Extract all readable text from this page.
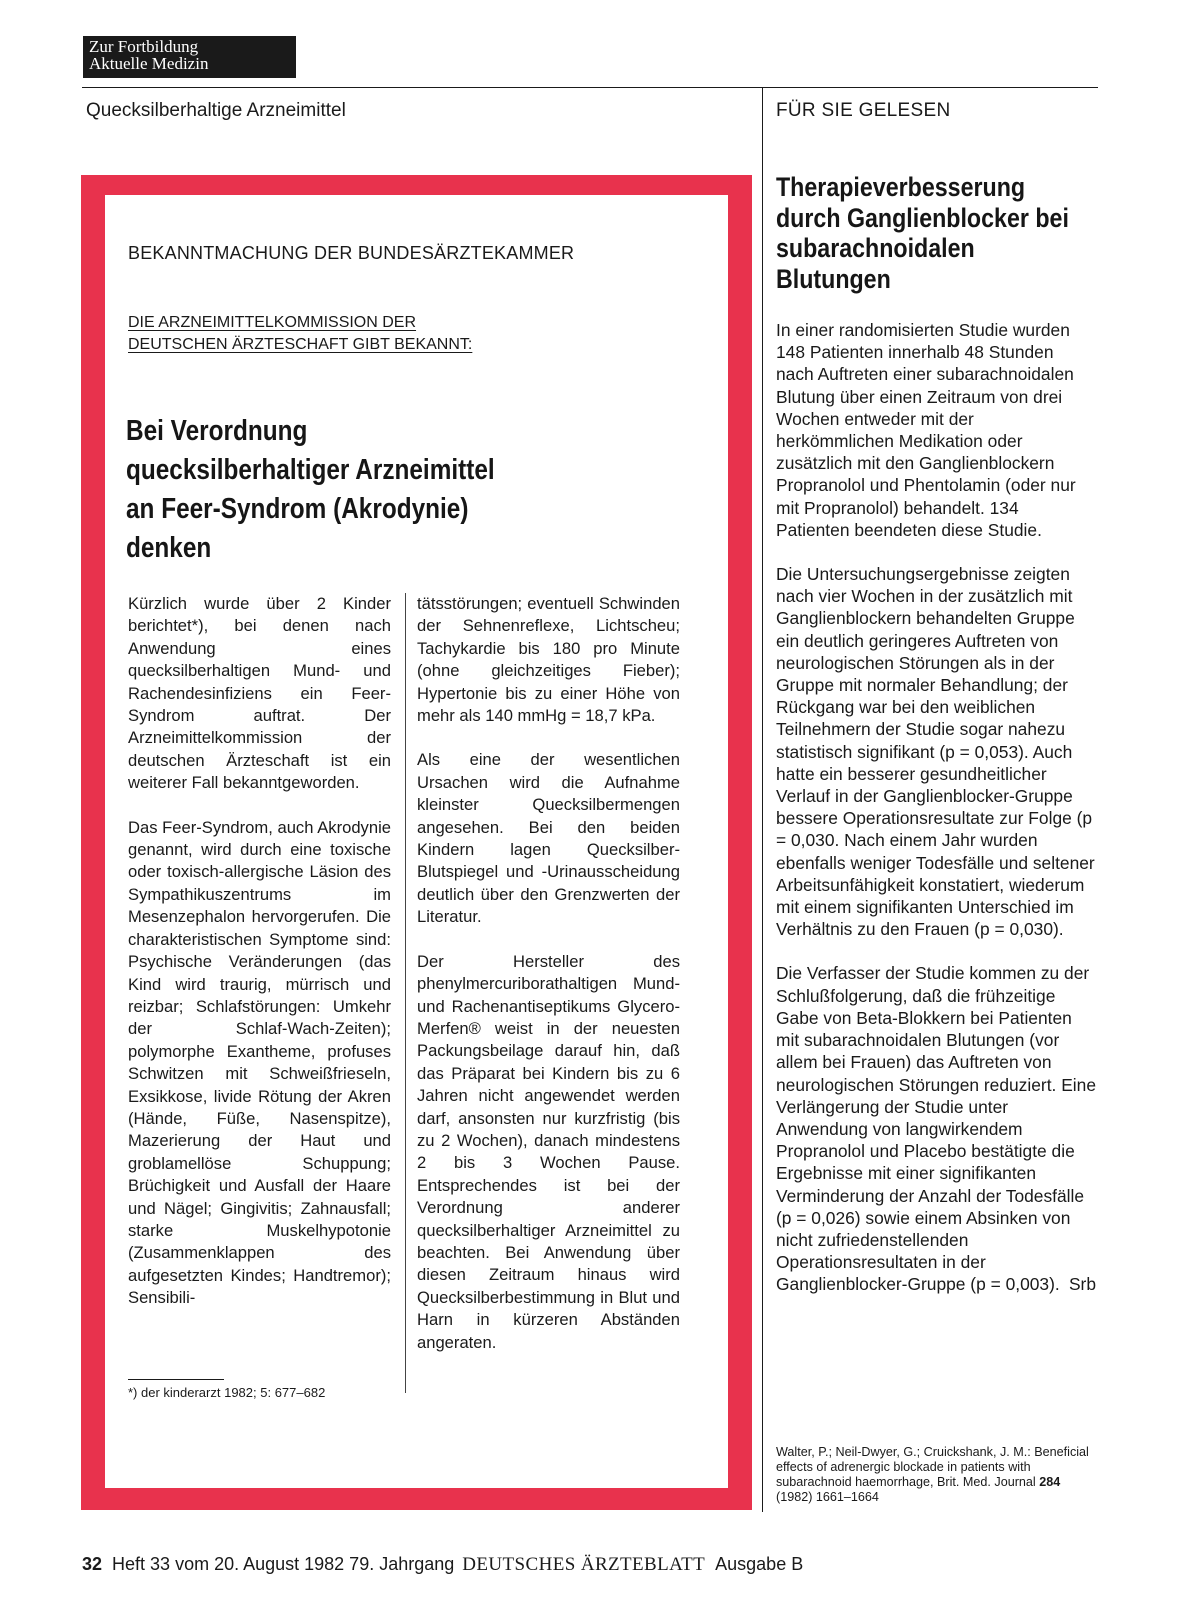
Zur Fortbildung
Aktuelle Medizin
Quecksilberhaltige Arzneimittel	FÜR SIE GELESEN
BEKANNTMACHUNG DER BUNDESÄRZTEKAMMER
DIE ARZNEIMITTELKOMMISSION DER
DEUTSCHEN ÄRZTESCHAFT GIBT BEKANNT:
Bei Verordnung
quecksilberhaltiger Arzneimittel
an Feer-Syndrom (Akrodynie)
denken

Kürzlich wurde über 2 Kinder berichtet*), bei denen nach Anwendung eines quecksilberhaltigen Mund- und Rachendesinfiziens ein Feer-Syndrom auftrat. Der Arzneimittelkommission der deutschen Ärzteschaft ist ein weiterer Fall bekanntgeworden.

Das Feer-Syndrom, auch Akrodynie genannt, wird durch eine toxische oder toxisch-allergische Läsion des Sympathikuszentrums im Mesenzephalon hervorgerufen. Die charakteristischen Symptome sind: Psychische Veränderungen (das Kind wird traurig, mürrisch und reizbar; Schlafstörungen: Umkehr der Schlaf-Wach-Zeiten); polymorphe Exantheme, profuses Schwitzen mit Schweißfrieseln, Exsikkose, livide Rötung der Akren (Hände, Füße, Nasenspitze), Mazerierung der Haut und groblamellöse Schuppung; Brüchigkeit und Ausfall der Haare und Nägel; Gingivitis; Zahnausfall; starke Muskelhypotonie (Zusammenklappen des aufgesetzten Kindes; Handtremor); Sensibili-

tätsstörungen; eventuell Schwinden der Sehnenreflexe, Lichtscheu; Tachykardie bis 180 pro Minute (ohne gleichzeitiges Fieber); Hypertonie bis zu einer Höhe von mehr als 140 mmHg = 18,7 kPa.

Als eine der wesentlichen Ursachen wird die Aufnahme kleinster Quecksilbermengen angesehen. Bei den beiden Kindern lagen Quecksilber-Blutspiegel und -Urinausscheidung deutlich über den Grenzwerten der Literatur.

Der Hersteller des phenylmercuriborathaltigen Mund- und Rachenantiseptikums Glycero-Merfen® weist in der neuesten Packungsbeilage darauf hin, daß das Präparat bei Kindern bis zu 6 Jahren nicht angewendet werden darf, ansonsten nur kurzfristig (bis zu 2 Wochen), danach mindestens 2 bis 3 Wochen Pause. Entsprechendes ist bei der Verordnung anderer quecksilberhaltiger Arzneimittel zu beachten. Bei Anwendung über diesen Zeitraum hinaus wird Quecksilberbestimmung in Blut und Harn in kürzeren Abständen angeraten.

*) der kinderarzt 1982; 5: 677–682
Therapieverbesserung
durch Ganglienblocker bei
subarachnoidalen
Blutungen

In einer randomisierten Studie wurden 148 Patienten innerhalb 48 Stunden nach Auftreten einer subarachnoidalen Blutung über einen Zeitraum von drei Wochen entweder mit der herkömmlichen Medikation oder zusätzlich mit den Ganglienblockern Propranolol und Phentolamin (oder nur mit Propranolol) behandelt. 134 Patienten beendeten diese Studie.

Die Untersuchungsergebnisse zeigten nach vier Wochen in der zusätzlich mit Ganglienblockern behandelten Gruppe ein deutlich geringeres Auftreten von neurologischen Störungen als in der Gruppe mit normaler Behandlung; der Rückgang war bei den weiblichen Teilnehmern der Studie sogar nahezu statistisch signifikant (p = 0,053). Auch hatte ein besserer gesundheitlicher Verlauf in der Ganglienblocker-Gruppe bessere Operationsresultate zur Folge (p = 0,030. Nach einem Jahr wurden ebenfalls weniger Todesfälle und seltener Arbeitsunfähigkeit konstatiert, wiederum mit einem signifikanten Unterschied im Verhältnis zu den Frauen (p = 0,030).

Die Verfasser der Studie kommen zu der Schlußfolgerung, daß die frühzeitige Gabe von Beta-Blokkern bei Patienten mit subarachnoidalen Blutungen (vor allem bei Frauen) das Auftreten von neurologischen Störungen reduziert. Eine Verlängerung der Studie unter Anwendung von langwirkendem Propranolol und Placebo bestätigte die Ergebnisse mit einer signifikanten Verminderung der Anzahl der Todesfälle (p = 0,026) sowie einem Absinken von nicht zufriedenstellenden Operationsresultaten in der Ganglienblocker-Gruppe (p = 0,003). Srb

Walter, P.; Neil-Dwyer, G.; Cruickshank, J. M.: Beneficial effects of adrenergic blockade in patients with subarachnoid haemorrhage, Brit. Med. Journal 284 (1982) 1661–1664
32 Heft 33 vom 20. August 1982 79. Jahrgang DEUTSCHES ÄRZTEBLATT Ausgabe B
